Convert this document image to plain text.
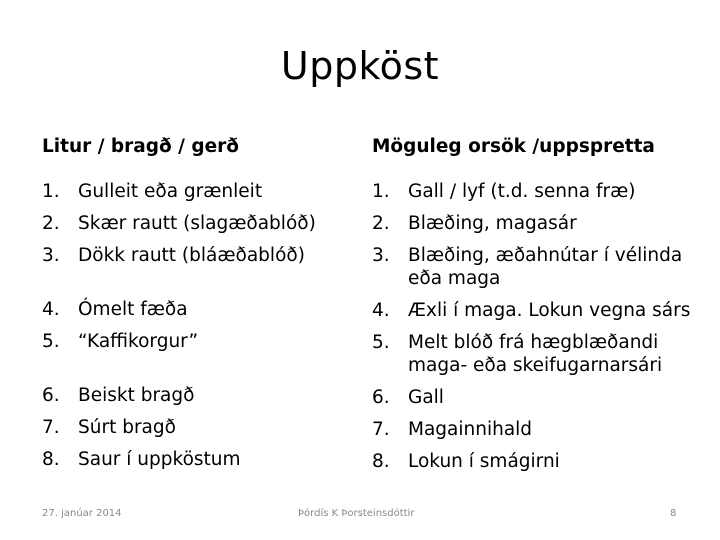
Uppköst
Litur / bragð / gerð
1. Gulleit eða grænleit
2. Skær rautt (slagæðablóð)
3. Dökk rautt (bláæðablóð)
4. Ómelt fæða
5. “Kaffikorgur”
6. Beiskt bragð
7. Súrt bragð
8. Saur í uppköstum
Möguleg orsök /uppspretta
1. Gall / lyf (t.d. senna fræ)
2. Blæðing, magasár
3. Blæðing, æðahnútar í vélinda eða maga
4. Æxli í maga. Lokun vegna sárs
5. Melt blóð frá hægblæðandi maga- eða skeifugarnarsári
6. Gall
7. Magainnihald
8. Lokun í smágirni
27. janúar 2014	Þórdís K Þorsteinsdóttir	8
